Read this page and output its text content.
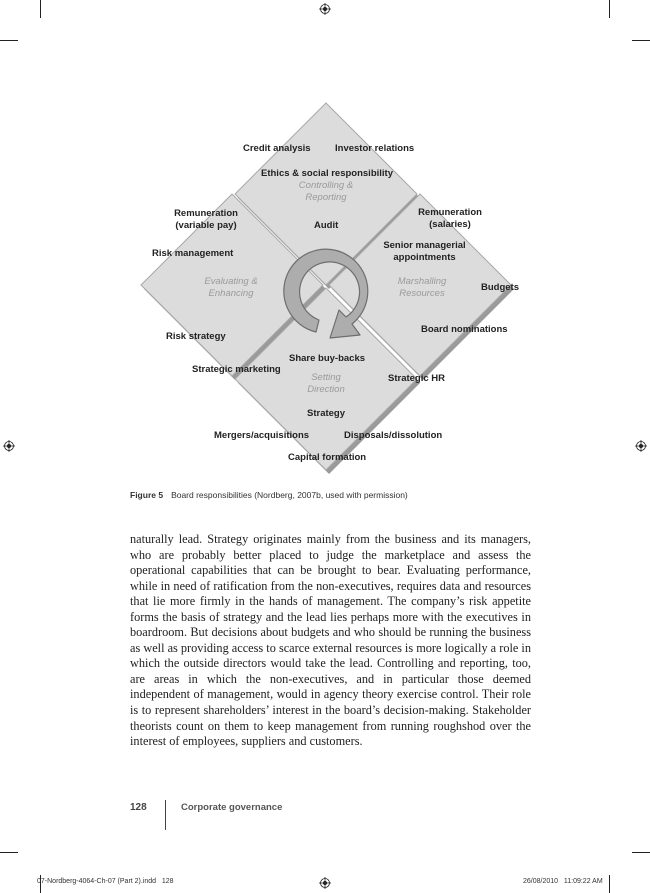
Credit analysis	Investor relations
Ethics & social responsibility
Controlling &
Reporting
Audit
Remuneration
(variable pay)
Risk management
Evaluating &
Enhancing
Risk strategy
Strategic marketing
Remuneration
(salaries)
Senior managerial
appointments
Marshalling
Resources
Budgets
Board nominations
Strategic HR
Share buy-backs
Setting
Direction
Strategy
Mergers/acquisitions	Disposals/dissolution
Capital formation
Figure 5 Board responsibilities (Nordberg, 2007b, used with permission)

naturally lead. Strategy originates mainly from the business and its managers, who are probably better placed to judge the marketplace and assess the operational capabilities that can be brought to bear. Evaluating performance, while in need of ratification from the non-executives, requires data and resources that lie more firmly in the hands of management. The company’s risk appetite forms the basis of strategy and the lead lies perhaps more with the executives in boardroom. But decisions about budgets and who should be running the business as well as providing access to scarce external resources is more logically a role in which the outside directors would take the lead. Controlling and reporting, too, are areas in which the non-executives, and in particular those deemed independent of management, would in agency theory exercise control. Their role is to represent shareholders’ interest in the board’s decision-making. Stakeholder theorists count on them to keep management from running roughshod over the interest of employees, suppliers and customers.

128	Corporate governance
07-Nordberg-4064-Ch-07 (Part 2).indd   128	26/08/2010   11:09:22 AM
